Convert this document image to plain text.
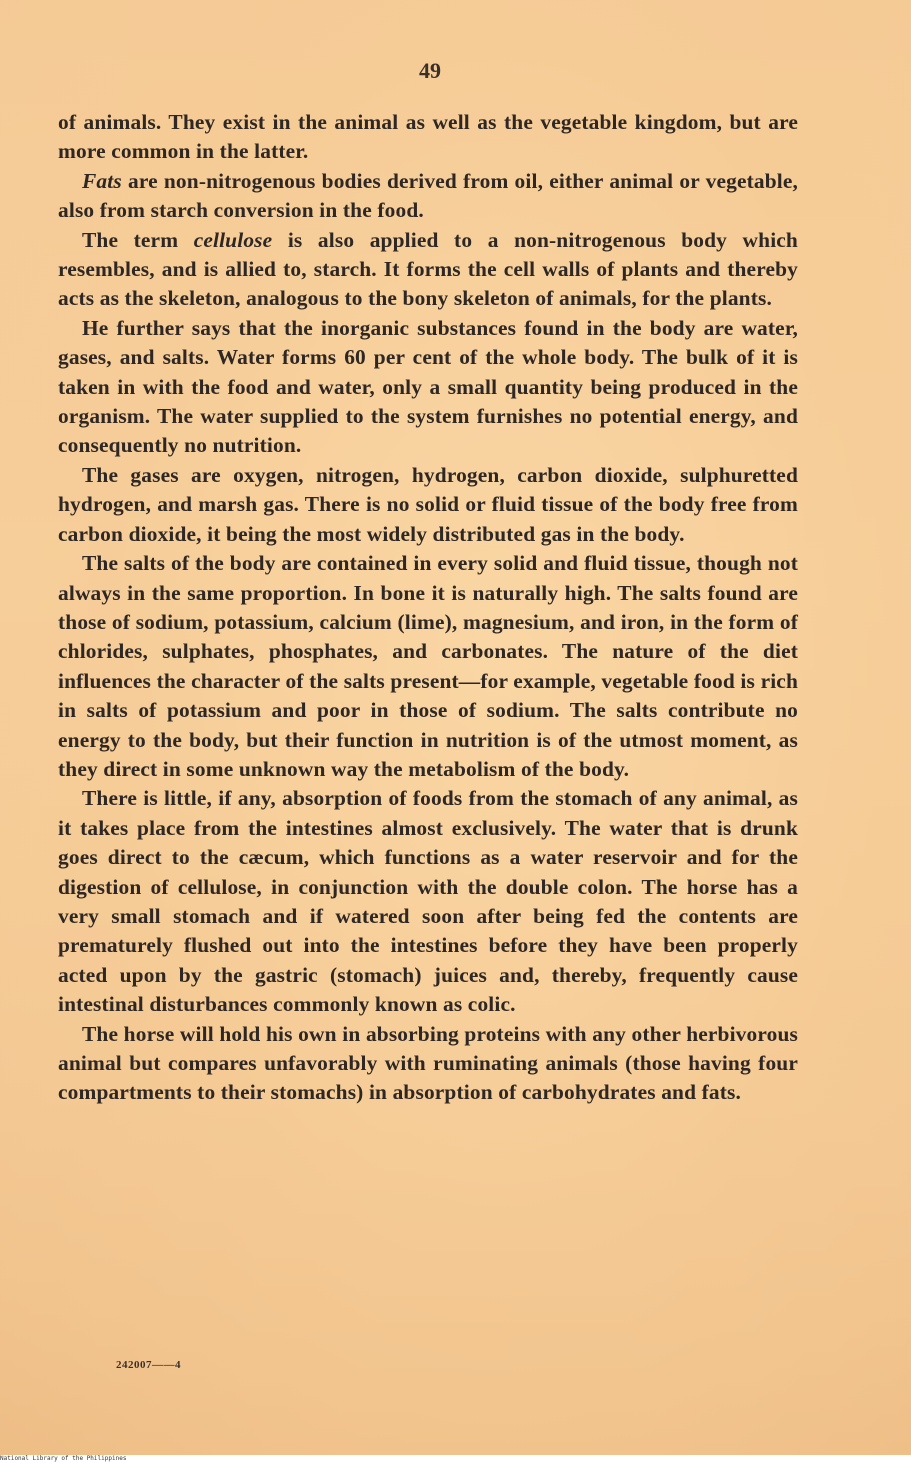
49

of animals. They exist in the animal as well as the vegetable kingdom, but are more common in the latter.

Fats are non-nitrogenous bodies derived from oil, either animal or vegetable, also from starch conversion in the food.

The term cellulose is also applied to a non-nitrogenous body which resembles, and is allied to, starch. It forms the cell walls of plants and thereby acts as the skeleton, analogous to the bony skeleton of animals, for the plants.

He further says that the inorganic substances found in the body are water, gases, and salts. Water forms 60 per cent of the whole body. The bulk of it is taken in with the food and water, only a small quantity being produced in the organism. The water supplied to the system furnishes no potential energy, and consequently no nutrition.

The gases are oxygen, nitrogen, hydrogen, carbon dioxide, sulphuretted hydrogen, and marsh gas. There is no solid or fluid tissue of the body free from carbon dioxide, it being the most widely distributed gas in the body.

The salts of the body are contained in every solid and fluid tissue, though not always in the same proportion. In bone it is naturally high. The salts found are those of sodium, potassium, calcium (lime), magnesium, and iron, in the form of chlorides, sulphates, phosphates, and carbonates. The nature of the diet influences the character of the salts present—for example, vegetable food is rich in salts of potassium and poor in those of sodium. The salts contribute no energy to the body, but their function in nutrition is of the utmost moment, as they direct in some unknown way the metabolism of the body.

There is little, if any, absorption of foods from the stomach of any animal, as it takes place from the intestines almost exclusively. The water that is drunk goes direct to the cæcum, which functions as a water reservoir and for the digestion of cellulose, in conjunction with the double colon. The horse has a very small stomach and if watered soon after being fed the contents are prematurely flushed out into the intestines before they have been properly acted upon by the gastric (stomach) juices and, thereby, frequently cause intestinal disturbances commonly known as colic.

The horse will hold his own in absorbing proteins with any other herbivorous animal but compares unfavorably with ruminating animals (those having four compartments to their stomachs) in absorption of carbohydrates and fats.

242007——4
National Library of the Philippines
